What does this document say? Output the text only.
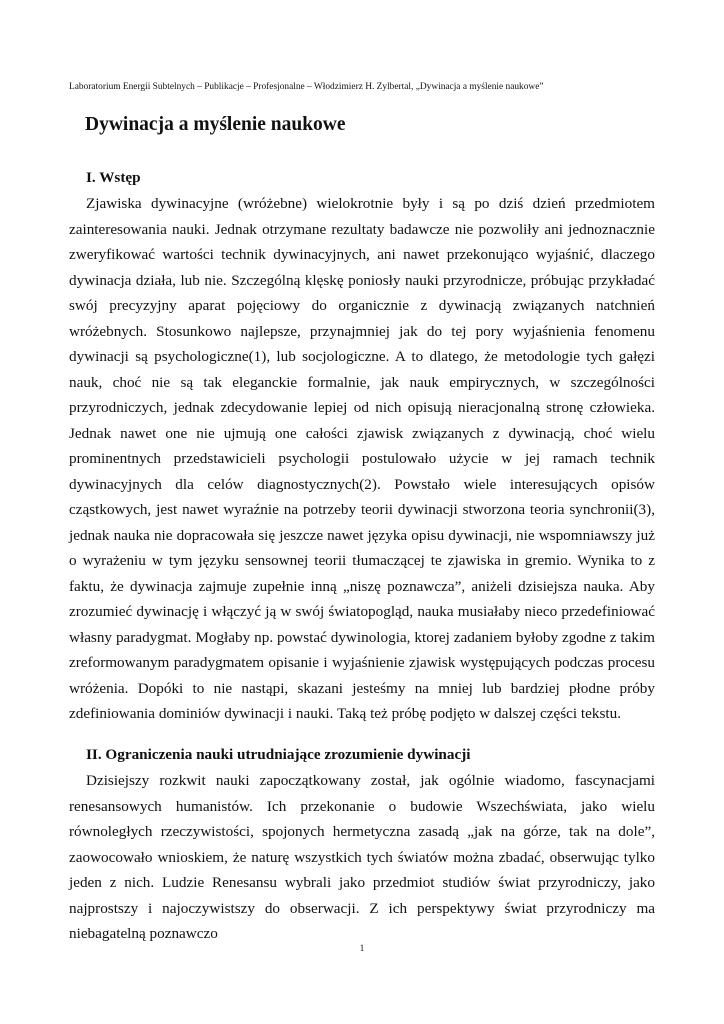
Laboratorium Energii Subtelnych – Publikacje – Profesjonalne – Włodzimierz H. Zylbertal, „Dywinacja a myślenie naukowe”
Dywinacja a myślenie naukowe
I. Wstęp

Zjawiska dywinacyjne (wróżebne) wielokrotnie były i są po dziś dzień przedmiotem zainteresowania nauki. Jednak otrzymane rezultaty badawcze nie pozwoliły ani jednoznacznie zweryfikować wartości technik dywinacyjnych, ani nawet przekonująco wyjaśnić, dlaczego dywinacja działa, lub nie. Szczególną klęskę poniosły nauki przyrodnicze, próbując przykładać swój precyzyjny aparat pojęciowy do organicznie z dywinacją związanych natchnień wróżebnych. Stosunkowo najlepsze, przynajmniej jak do tej pory wyjaśnienia fenomenu dywinacji są psychologiczne(1), lub socjologiczne. A to dlatego, że metodologie tych gałęzi nauk, choć nie są tak eleganckie formalnie, jak nauk empirycznych, w szczególności przyrodniczych, jednak zdecydowanie lepiej od nich opisują nieracjonalną stronę człowieka. Jednak nawet one nie ujmują one całości zjawisk związanych z dywinacją, choć wielu prominentnych przedstawicieli psychologii postulowało użycie w jej ramach technik dywinacyjnych dla celów diagnostycznych(2). Powstało wiele interesujących opisów cząstkowych, jest nawet wyraźnie na potrzeby teorii dywinacji stworzona teoria synchronii(3), jednak nauka nie dopracowała się jeszcze nawet języka opisu dywinacji, nie wspomniawszy już o wyrażeniu w tym języku sensownej teorii tłumaczącej te zjawiska in gremio. Wynika to z faktu, że dywinacja zajmuje zupełnie inną „niszę poznawcza”, aniżeli dzisiejsza nauka. Aby zrozumieć dywinację i włączyć ją w swój światopogląd, nauka musiałaby nieco przedefiniować własny paradygmat. Mogłaby np. powstać dywinologia, ktorej zadaniem byłoby zgodne z takim zreformowanym paradygmatem opisanie i wyjaśnienie zjawisk występujących podczas procesu wróżenia. Dopóki to nie nastąpi, skazani jesteśmy na mniej lub bardziej płodne próby zdefiniowania dominiów dywinacji i nauki. Taką też próbę podjęto w dalszej części tekstu.

II. Ograniczenia nauki utrudniające zrozumienie dywinacji

Dzisiejszy rozkwit nauki zapoczątkowany został, jak ogólnie wiadomo, fascynacjami renesansowych humanistów. Ich przekonanie o budowie Wszechświata, jako wielu równoległych rzeczywistości, spojonych hermetyczna zasadą „jak na górze, tak na dole”, zaowocowało wnioskiem, że naturę wszystkich tych światów można zbadać, obserwując tylko jeden z nich. Ludzie Renesansu wybrali jako przedmiot studiów świat przyrodniczy, jako najprostszy i najoczywistszy do obserwacji. Z ich perspektywy świat przyrodniczy ma niebagatelną poznawczo

1
